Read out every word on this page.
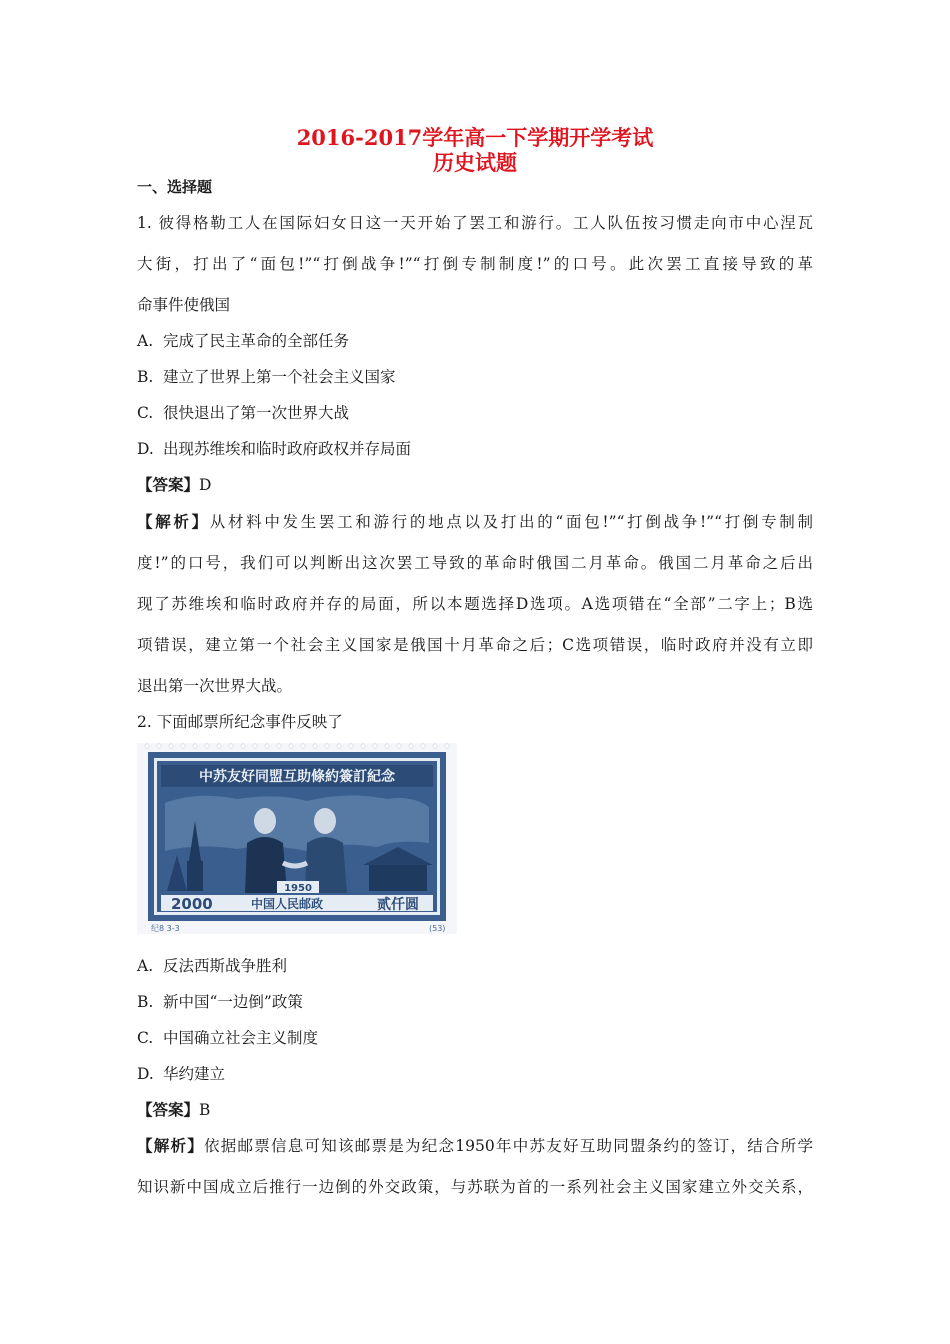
2016-2017学年高一下学期开学考试
历史试题
一、选择题
1. 彼得格勒工人在国际妇女日这一天开始了罢工和游行。工人队伍按习惯走向市中心涅瓦
大街，打出了“面包!”“打倒战争!”“打倒专制制度!”的口号。此次罢工直接导致的革
命事件使俄国
A. 完成了民主革命的全部任务
B. 建立了世界上第一个社会主义国家
C. 很快退出了第一次世界大战
D. 出现苏维埃和临时政府政权并存局面
【答案】D
【解析】从材料中发生罢工和游行的地点以及打出的“面包!”“打倒战争!”“打倒专制制
度!”的口号，我们可以判断出这次罢工导致的革命时俄国二月革命。俄国二月革命之后出
现了苏维埃和临时政府并存的局面，所以本题选择D选项。A选项错在“全部”二字上；B选
项错误，建立第一个社会主义国家是俄国十月革命之后；C选项错误，临时政府并没有立即
退出第一次世界大战。
2. 下面邮票所纪念事件反映了
中苏友好同盟互助條約簽訂紀念
1950
2000	中国人民邮政	贰仟圆
纪8 3-3	(53)
A. 反法西斯战争胜利
B. 新中国“一边倒”政策
C. 中国确立社会主义制度
D. 华约建立
【答案】B
【解析】依据邮票信息可知该邮票是为纪念1950年中苏友好互助同盟条约的签订，结合所学
知识新中国成立后推行一边倒的外交政策，与苏联为首的一系列社会主义国家建立外交关系，
